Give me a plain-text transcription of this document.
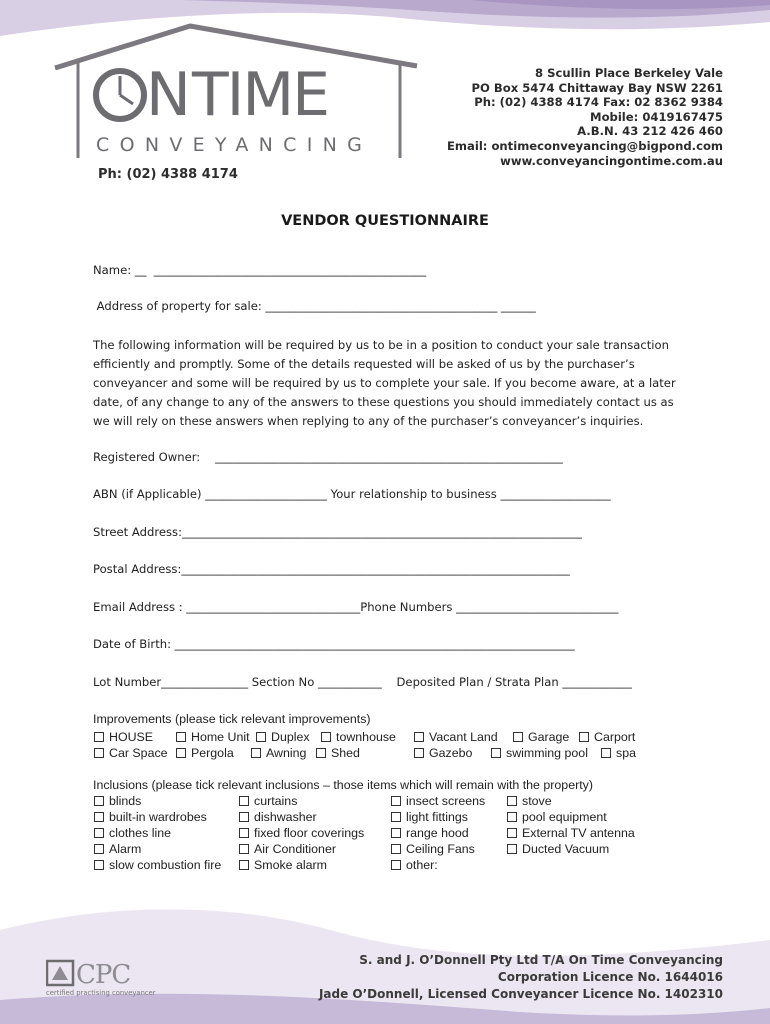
N TIME
CONVEYANCING
8 Scullin Place Berkeley Vale
PO Box 5474 Chittaway Bay NSW 2261
Ph: (02) 4388 4174 Fax: 02 8362 9384
Mobile: 0419167475
A.B.N. 43 212 426 460
Email: ontimeconveyancing@bigpond.com
www.conveyancingontime.com.au
Ph: (02) 4388 4174
VENDOR QUESTIONNAIRE
Name: __  _______________________________________________
Address of property for sale: ________________________________________ ______
The following information will be required by us to be in a position to conduct your sale transaction
efficiently and promptly. Some of the details requested will be asked of us by the purchaser’s
conveyancer and some will be required by us to complete your sale. If you become aware, at a later
date, of any change to any of the answers to these questions you should immediately contact us as
we will rely on these answers when replying to any of the purchaser’s conveyancer’s inquiries.
Registered Owner:    ____________________________________________________________
ABN (if Applicable) _____________________ Your relationship to business ___________________
Street Address:_____________________________________________________________________
Postal Address:___________________________________________________________________
Email Address : ______________________________Phone Numbers ____________________________
Date of Birth: _____________________________________________________________________
Lot Number_______________ Section No ___________    Deposited Plan / Strata Plan ____________
Improvements (please tick relevant improvements)
HOUSE	Home Unit Duplex townhouse	Vacant Land Garage Carport
Car Space Pergola	Awning Shed	Gazebo	swimming pool spa
Inclusions (please tick relevant inclusions – those items which will remain with the property)
blinds	curtains	insect screens	stove
built-in wardrobes	dishwasher	light fittings	pool equipment
clothes line	fixed floor coverings	range hood	External TV antenna
Alarm	Air Conditioner	Ceiling Fans	Ducted Vacuum
slow combustion fire	Smoke alarm	other:
CPC
certified practising conveyancer
S. and J. O’Donnell Pty Ltd T/A On Time Conveyancing
Corporation Licence No. 1644016
Jade O’Donnell, Licensed Conveyancer Licence No. 1402310
